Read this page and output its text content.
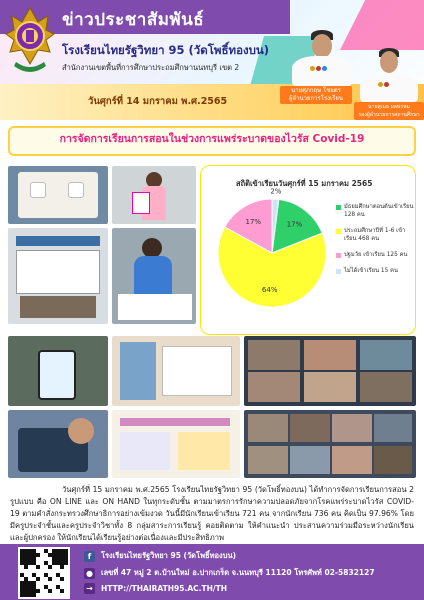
ข่าวประชาสัมพันธ์
โรงเรียนไทยรัฐวิทยา 95 (วัดโพธิ์ทองบน)
สำนักงานเขตพื้นที่การศึกษาประถมศึกษานนทบุรี เขต 2
วันศุกร์ที่ 14 มกราคม พ.ศ.2565
นายศุภกฤษ โชยตร
ผู้อำนวยการโรงเรียน
นายสุเมธ ผลพรหม
รองผู้อำนวยการสถานศึกษา
การจัดการเรียนการสอนในช่วงการแพร่ระบาดของไวรัส Covid-19
สถิติเข้าเรียนวันศุกร์ที่ 15 มกราคม 2565
17%
64%
17%
2%
มัธยมศึกษาตอนต้นเข้าเรียน 128 คน
ประถมศึกษาปีที่ 1-6 เข้าเรียน 468 คน
ปฐมวัย เข้าเรียน 125 คน
ไม่ได้เข้าเรียน 15 คน
วันศุกร์ที่ 15 มกราคม พ.ศ.2565 โรงเรียนไทยรัฐวิทยา 95 (วัดโพธิ์ทองบน) ได้ทำการจัดการเรียนการสอน 2 รูปแบบ คือ ON LINE และ ON HAND ในทุกระดับชั้น ตามมาตรการรักษาความปลอดภัยจากโรคแพร่ระบาดไวรัส COVID-19 ตามคำสั่งกระทรวงศึกษาธิการอย่างเข้มงวด วันนี้มีนักเรียนเข้าเรียน 721 คน จากนักเรียน 736 คน คิดเป็น 97.96% โดยมีครูประจำชั้นและครูประจำวิชาทั้ง 8 กลุ่มสาระการเรียนรู้ คอยติดตาม ให้คำแนะนำ ประสานความร่วมมือระหว่างนักเรียนและผู้ปกครอง ให้นักเรียนได้เรียนรู้อย่างต่อเนื่องและมีประสิทธิภาพ
f	โรงเรียนไทยรัฐวิทยา 95 (วัดโพธิ์ทองบน)
● เลขที่ 47 หมู่ 2 ต.บ้านใหม่ อ.ปากเกร็ด จ.นนทบุรี 11120 โทรศัพท์ 02-5832127
→ HTTP://THAIRATH95.AC.TH/TH
